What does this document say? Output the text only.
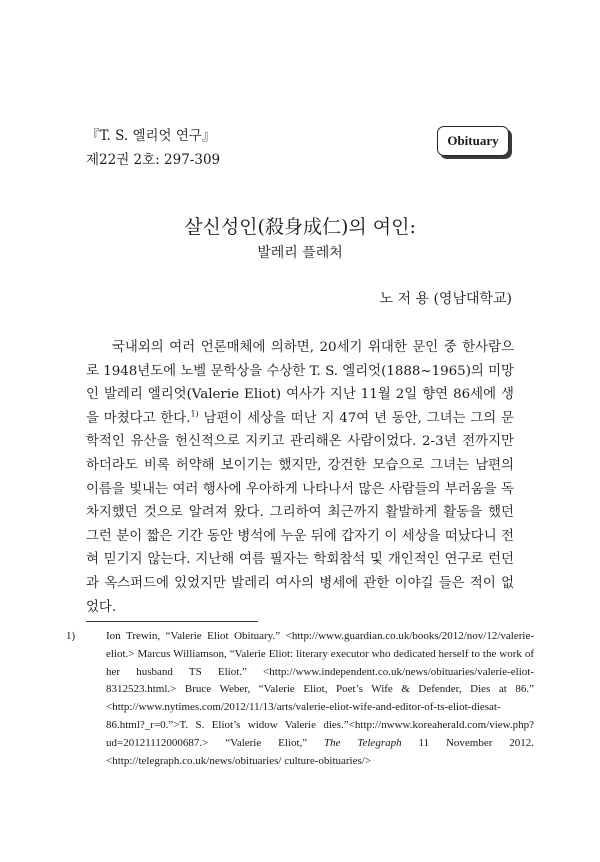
『T. S. 엘리엇 연구』
제22권 2호: 297-309
Obituary
살신성인(殺身成仁)의 여인:
발레리 플레처
노 저 용 (영남대학교)

국내외의 여러 언론매체에 의하면, 20세기 위대한 문인 중 한사람으로 1948년도에 노벨 문학상을 수상한 T. S. 엘리엇(1888~1965)의 미망인 발레리 엘리엇(Valerie Eliot) 여사가 지난 11월 2일 향연 86세에 생을 마쳤다고 한다.$^{1)}$ 남편이 세상을 떠난 지 47여 년 동안, 그녀는 그의 문학적인 유산을 헌신적으로 지키고 관리해온 사람이었다. 2-3년 전까지만 하더라도 비록 허약해 보이기는 했지만, 강건한 모습으로 그녀는 남편의 이름을 빛내는 여러 행사에 우아하게 나타나서 많은 사람들의 부러움을 독차지했던 것으로 알려져 왔다. 그리하여 최근까지 활발하게 활동을 했던 그런 분이 짧은 기간 동안 병석에 누운 뒤에 갑자기 이 세상을 떠났다니 전혀 믿기지 않는다. 지난해 여름 필자는 학회참석 및 개인적인 연구로 런던과 옥스퍼드에 있었지만 발레리 여사의 병세에 관한 이야길 들은 적이 없었다.

1)	Ion Trewin, “Valerie Eliot Obituary.” <http://www.guardian.co.uk/books/2012/nov/12/valerie-eliot.> Marcus Williamson, “Valerie Eliot: literary executor who dedicated herself to the work of her husband TS Eliot.” <http://www.independent.co.uk/news/obituaries/valerie-eliot-8312523.html.> Bruce Weber, “Valerie Eliot, Poet’s Wife & Defender, Dies at 86.” <http://www.nytimes.com/2012/11/13/arts/valerie-eliot-wife-and-editor-of-ts-eliot-diesat-86.html?_r=0.”>T. S. Eliot’s widow Valerie dies.”<http://nwww.koreaherald.com/view.php?ud=20121112000687.> “Valerie Eliot,” The Telegraph 11 November 2012. <http://telegraph.co.uk/news/obituaries/ culture-obituaries/>
